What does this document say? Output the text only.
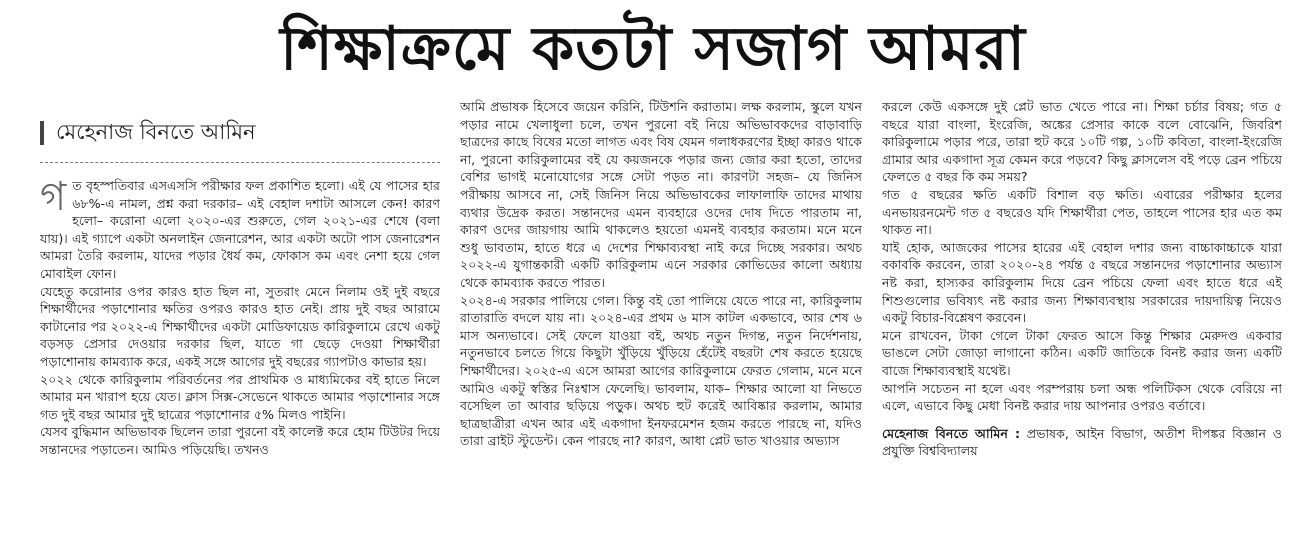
শিক্ষাক্রমে কতটা সজাগ আমরা
মেহেনাজ বিনতে আমিন

গত বৃহস্পতিবার এসএসসি পরীক্ষার ফল প্রকাশিত হলো। এই যে পাসের হার ৬৮%-এ নামল, প্রশ্ন করা দরকার– এই বেহাল দশাটা আসলে কেন! কারণ হলো– করোনা এলো ২০২০-এর শুরুতে, গেল ২০২১-এর শেষে (বলা যায়)। এই গ্যাপে একটা অনলাইন জেনারেশন, আর একটা অটো পাস জেনারেশন আমরা তৈরি করলাম, যাদের পড়ার ধৈর্য কম, ফোকাস কম এবং নেশা হয়ে গেল মোবাইল ফোন।

যেহেতু করোনার ওপর কারও হাত ছিল না, সুতরাং মেনে নিলাম ওই দুই বছরে শিক্ষার্থীদের পড়াশোনার ক্ষতির ওপরও কারও হাত নেই। প্রায় দুই বছর আরামে কাটানোর পর ২০২২-এ শিক্ষার্থীদের একটা মোডিফায়েড কারিকুলামে রেখে একটু বড়সড় প্রেসার দেওয়ার দরকার ছিল, যাতে গা ছেড়ে দেওয়া শিক্ষার্থীরা পড়াশোনায় কামব্যাক করে, একই সঙ্গে আগের দুই বছরের গ্যাপটাও কাভার হয়।

২০২২ থেকে কারিকুলাম পরিবর্তনের পর প্রাথমিক ও মাধ্যমিকের বই হাতে নিলে আমার মন খারাপ হয়ে যেত। ক্লাস সিক্স-সেভেনে থাকতে আমার পড়াশোনার সঙ্গে গত দুই বছর আমার দুই ছাত্রের পড়াশোনার ৫% মিলও পাইনি।

যেসব বুদ্ধিমান অভিভাবক ছিলেন তারা পুরনো বই কালেক্ট করে হোম টিউটর দিয়ে সন্তানদের পড়াতেন। আমিও পড়িয়েছি। তখনও

আমি প্রভাষক হিসেবে জয়েন করিনি, টিউশনি করাতাম। লক্ষ করলাম, স্কুলে যখন পড়ার নামে খেলাধুলা চলে, তখন পুরনো বই নিয়ে অভিভাবকদের বাড়াবাড়ি ছাত্রদের কাছে বিষের মতো লাগত এবং বিষ যেমন গলাধকরণের ইচ্ছা কারও থাকে না, পুরনো কারিকুলামের বই যে কয়জনকে পড়ার জন্য জোর করা হতো, তাদের বেশির ভাগই মনোযোগের সঙ্গে সেটা পড়ত না। কারণটা সহজ– যে জিনিস পরীক্ষায় আসবে না, সেই জিনিস নিয়ে অভিভাবকের লাফালাফি তাদের মাথায় ব্যথার উদ্রেক করত। সন্তানদের এমন ব্যবহারে ওদের দোষ দিতে পারতাম না, কারণ ওদের জায়গায় আমি থাকলেও হয়তো এমনই ব্যবহার করতাম। মনে মনে শুধু ভাবতাম, হাতে ধরে এ দেশের শিক্ষাব্যবস্থা নাই করে দিচ্ছে সরকার। অথচ ২০২২-এ যুগান্তকারী একটি কারিকুলাম এনে সরকার কোভিডের কালো অধ্যায় থেকে কামব্যাক করতে পারত।

২০২৪-এ সরকার পালিয়ে গেল। কিন্তু বই তো পালিয়ে যেতে পারে না, কারিকুলাম রাতারাতি বদলে যায় না। ২০২৪-এর প্রথম ৬ মাস কাটল একভাবে, আর শেষ ৬ মাস অন্যভাবে। সেই ফেলে যাওয়া বই, অথচ নতুন দিগন্ত, নতুন নির্দেশনায়, নতুনভাবে চলতে গিয়ে কিছুটা খুঁড়িয়ে খুঁড়িয়ে হেঁটেই বছরটা শেষ করতে হয়েছে শিক্ষার্থীদের। ২০২৫-এ এসে আমরা আগের কারিকুলামে ফেরত গেলাম, মনে মনে আমিও একটু স্বস্তির নিঃশ্বাস ফেলেছি। ভাবলাম, যাক– শিক্ষার আলো যা নিভতে বসেছিল তা আবার ছড়িয়ে পড়ুক। অথচ হুট করেই আবিষ্কার করলাম, আমার ছাত্রছাত্রীরা এখন আর এই একগাদা ইনফরমেশন হজম করতে পারছে না, যদিও তারা ব্রাইট স্টুডেন্ট। কেন পারছে না? কারণ, আধা প্লেট ভাত খাওয়ার অভ্যাস

করলে কেউ একসঙ্গে দুই প্লেট ভাত খেতে পারে না। শিক্ষা চর্চার বিষয়; গত ৫ বছরে যারা বাংলা, ইংরেজি, অঙ্কের প্রেসার কাকে বলে বোঝেনি, জিবরিশ কারিকুলামে পড়ার পরে, তারা হুট করে ১০টি গল্প, ১০টি কবিতা, বাংলা-ইংরেজি গ্রামার আর একগাদা সূত্র কেমন করে পড়বে? কিছু ক্লাসলেস বই পড়ে ব্রেন পচিয়ে ফেলতে ৫ বছর কি কম সময়?

গত ৫ বছরের ক্ষতি একটি বিশাল বড় ক্ষতি। এবারের পরীক্ষার হলের এনভায়রনমেন্ট গত ৫ বছরেও যদি শিক্ষার্থীরা পেত, তাহলে পাসের হার এত কম থাকত না।

যাই হোক, আজকের পাসের হারের এই বেহাল দশার জন্য বাচ্চাকাচ্চাকে যারা বকাবকি করবেন, তারা ২০২০-২৪ পর্যন্ত ৫ বছরে সন্তানদের পড়াশোনার অভ্যাস নষ্ট করা, হাস্যকর কারিকুলাম দিয়ে ব্রেন পচিয়ে ফেলা এবং হাতে ধরে এই শিশুগুলোর ভবিষ্যৎ নষ্ট করার জন্য শিক্ষাব্যবস্থায় সরকারের দায়দায়িত্ব নিয়েও একটু বিচার-বিশ্লেষণ করবেন।

মনে রাখবেন, টাকা গেলে টাকা ফেরত আসে কিন্তু শিক্ষার মেরুদণ্ড একবার ভাঙলে সেটা জোড়া লাগানো কঠিন। একটি জাতিকে বিনষ্ট করার জন্য একটি বাজে শিক্ষাব্যবস্থাই যথেষ্ট।

আপনি সচেতন না হলে এবং পরম্পরায় চলা অন্ধ পলিটিকস থেকে বেরিয়ে না এলে, এভাবে কিছু মেধা বিনষ্ট করার দায় আপনার ওপরও বর্তাবে।

মেহেনাজ বিনতে আমিন : প্রভাষক, আইন বিভাগ, অতীশ দীপঙ্কর বিজ্ঞান ও প্রযুক্তি বিশ্ববিদ্যালয়
